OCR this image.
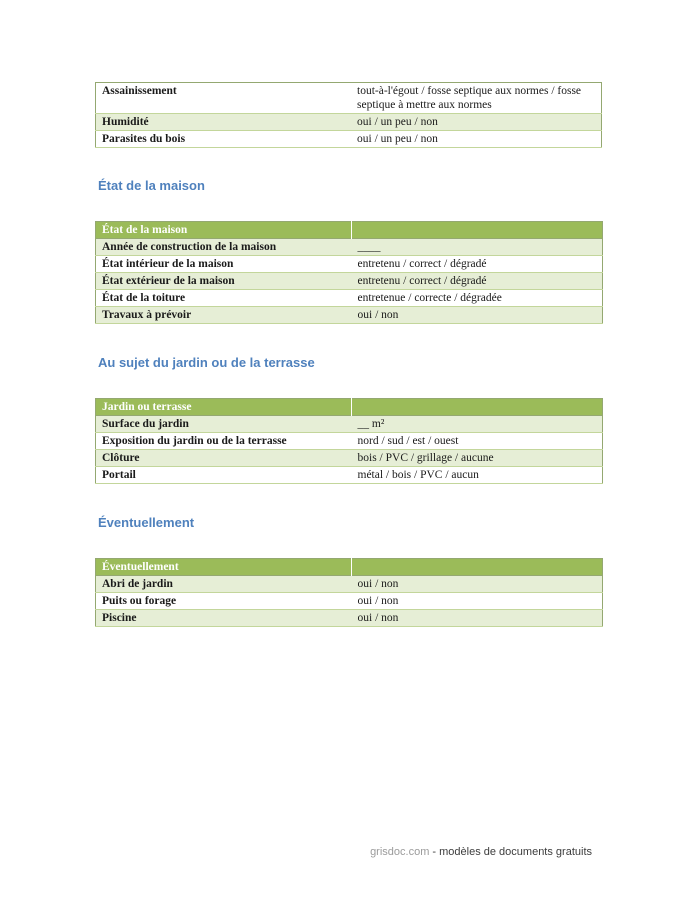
Assainissement	tout-à-l'égout / fosse septique aux normes / fosse septique à mettre aux normes
Humidité	oui / un peu / non
Parasites du bois	oui / un peu / non
État de la maison
État de la maison	
Année de construction de la maison	____
État intérieur de la maison	entretenu / correct / dégradé
État extérieur de la maison	entretenu / correct / dégradé
État de la toiture	entretenue / correcte / dégradée
Travaux à prévoir	oui / non
Au sujet du jardin ou de la terrasse
Jardin ou terrasse	
Surface du jardin	__ m²
Exposition du jardin ou de la terrasse	nord / sud / est / ouest
Clôture	bois / PVC / grillage / aucune
Portail	métal / bois / PVC / aucun
Éventuellement
Éventuellement	
Abri de jardin	oui / non
Puits ou forage	oui / non
Piscine	oui / non
grisdoc.com - modèles de documents gratuits
